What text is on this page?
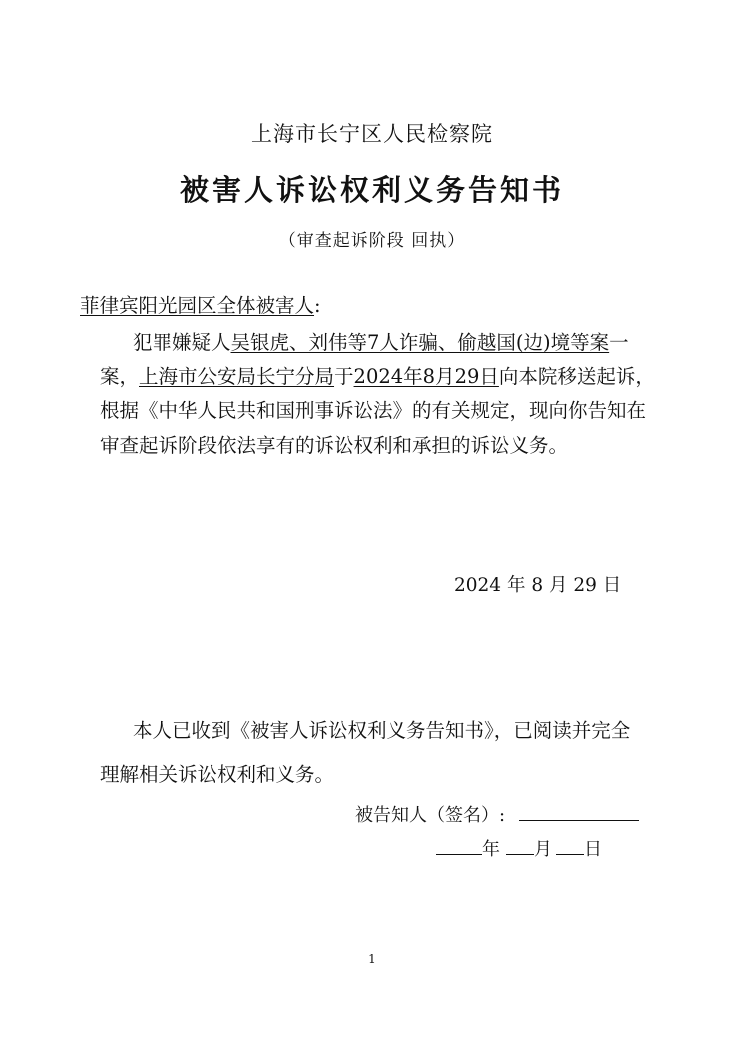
上海市长宁区人民检察院
被害人诉讼权利义务告知书
（审查起诉阶段 回执）
菲律宾阳光园区全体被害人:
犯罪嫌疑人吴银虎、刘伟等7人诈骗、偷越国(边)境等案一
案，上海市公安局长宁分局于2024年8月29日向本院移送起诉，
根据《中华人民共和国刑事诉讼法》的有关规定，现向你告知在
审查起诉阶段依法享有的诉讼权利和承担的诉讼义务。
2024 年 8 月 29 日
本人已收到《被害人诉讼权利义务告知书》，已阅读并完全
理解相关诉讼权利和义务。
被告知人（签名）:
年 月 日
1
